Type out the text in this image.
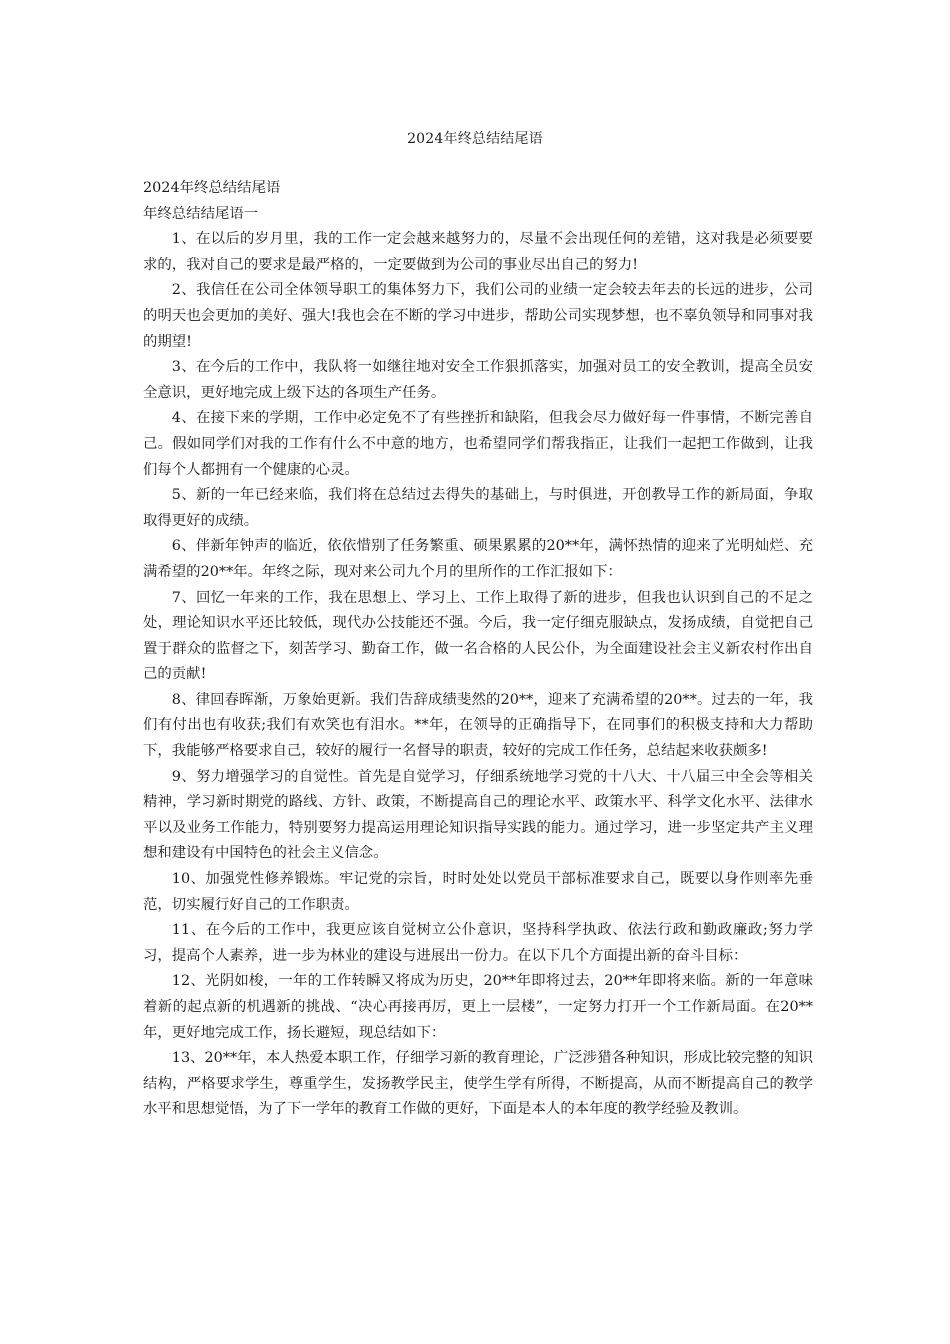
2024年终总结结尾语

2024年终总结结尾语

年终总结结尾语一

1、在以后的岁月里，我的工作一定会越来越努力的，尽量不会出现任何的差错，这对我是必须要要求的，我对自己的要求是最严格的，一定要做到为公司的事业尽出自己的努力!

2、我信任在公司全体领导职工的集体努力下，我们公司的业绩一定会较去年去的长远的进步，公司的明天也会更加的美好、强大!我也会在不断的学习中进步，帮助公司实现梦想，也不辜负领导和同事对我的期望!

3、在今后的工作中，我队将一如继往地对安全工作狠抓落实，加强对员工的安全教训，提高全员安全意识，更好地完成上级下达的各项生产任务。

4、在接下来的学期，工作中必定免不了有些挫折和缺陷，但我会尽力做好每一件事情，不断完善自己。假如同学们对我的工作有什么不中意的地方，也希望同学们帮我指正，让我们一起把工作做到，让我们每个人都拥有一个健康的心灵。

5、新的一年已经来临，我们将在总结过去得失的基础上，与时俱进，开创教导工作的新局面，争取取得更好的成绩。

6、伴新年钟声的临近，依依惜别了任务繁重、硕果累累的20**年，满怀热情的迎来了光明灿烂、充满希望的20**年。年终之际，现对来公司九个月的里所作的工作汇报如下：

7、回忆一年来的工作，我在思想上、学习上、工作上取得了新的进步，但我也认识到自己的不足之处，理论知识水平还比较低，现代办公技能还不强。今后，我一定仔细克服缺点，发扬成绩，自觉把自己置于群众的监督之下，刻苦学习、勤奋工作，做一名合格的人民公仆，为全面建设社会主义新农村作出自己的贡献!

8、律回春晖渐，万象始更新。我们告辞成绩斐然的20**，迎来了充满希望的20**。过去的一年，我们有付出也有收获;我们有欢笑也有泪水。**年，在领导的正确指导下，在同事们的积极支持和大力帮助下，我能够严格要求自己，较好的履行一名督导的职责，较好的完成工作任务，总结起来收获颇多!

9、努力增强学习的自觉性。首先是自觉学习，仔细系统地学习党的十八大、十八届三中全会等相关精神，学习新时期党的路线、方针、政策，不断提高自己的理论水平、政策水平、科学文化水平、法律水平以及业务工作能力，特别要努力提高运用理论知识指导实践的能力。通过学习，进一步坚定共产主义理想和建设有中国特色的社会主义信念。

10、加强党性修养锻炼。牢记党的宗旨，时时处处以党员干部标准要求自己，既要以身作则率先垂范，切实履行好自己的工作职责。

11、在今后的工作中，我更应该自觉树立公仆意识，坚持科学执政、依法行政和勤政廉政;努力学习，提高个人素养，进一步为林业的建设与进展出一份力。在以下几个方面提出新的奋斗目标：

12、光阴如梭，一年的工作转瞬又将成为历史，20**年即将过去，20**年即将来临。新的一年意味着新的起点新的机遇新的挑战、“决心再接再厉，更上一层楼”，一定努力打开一个工作新局面。在20**年，更好地完成工作，扬长避短，现总结如下：

13、20**年，本人热爱本职工作，仔细学习新的教育理论，广泛涉猎各种知识，形成比较完整的知识结构，严格要求学生，尊重学生，发扬教学民主，使学生学有所得，不断提高，从而不断提高自己的教学水平和思想觉悟，为了下一学年的教育工作做的更好，下面是本人的本年度的教学经验及教训。
